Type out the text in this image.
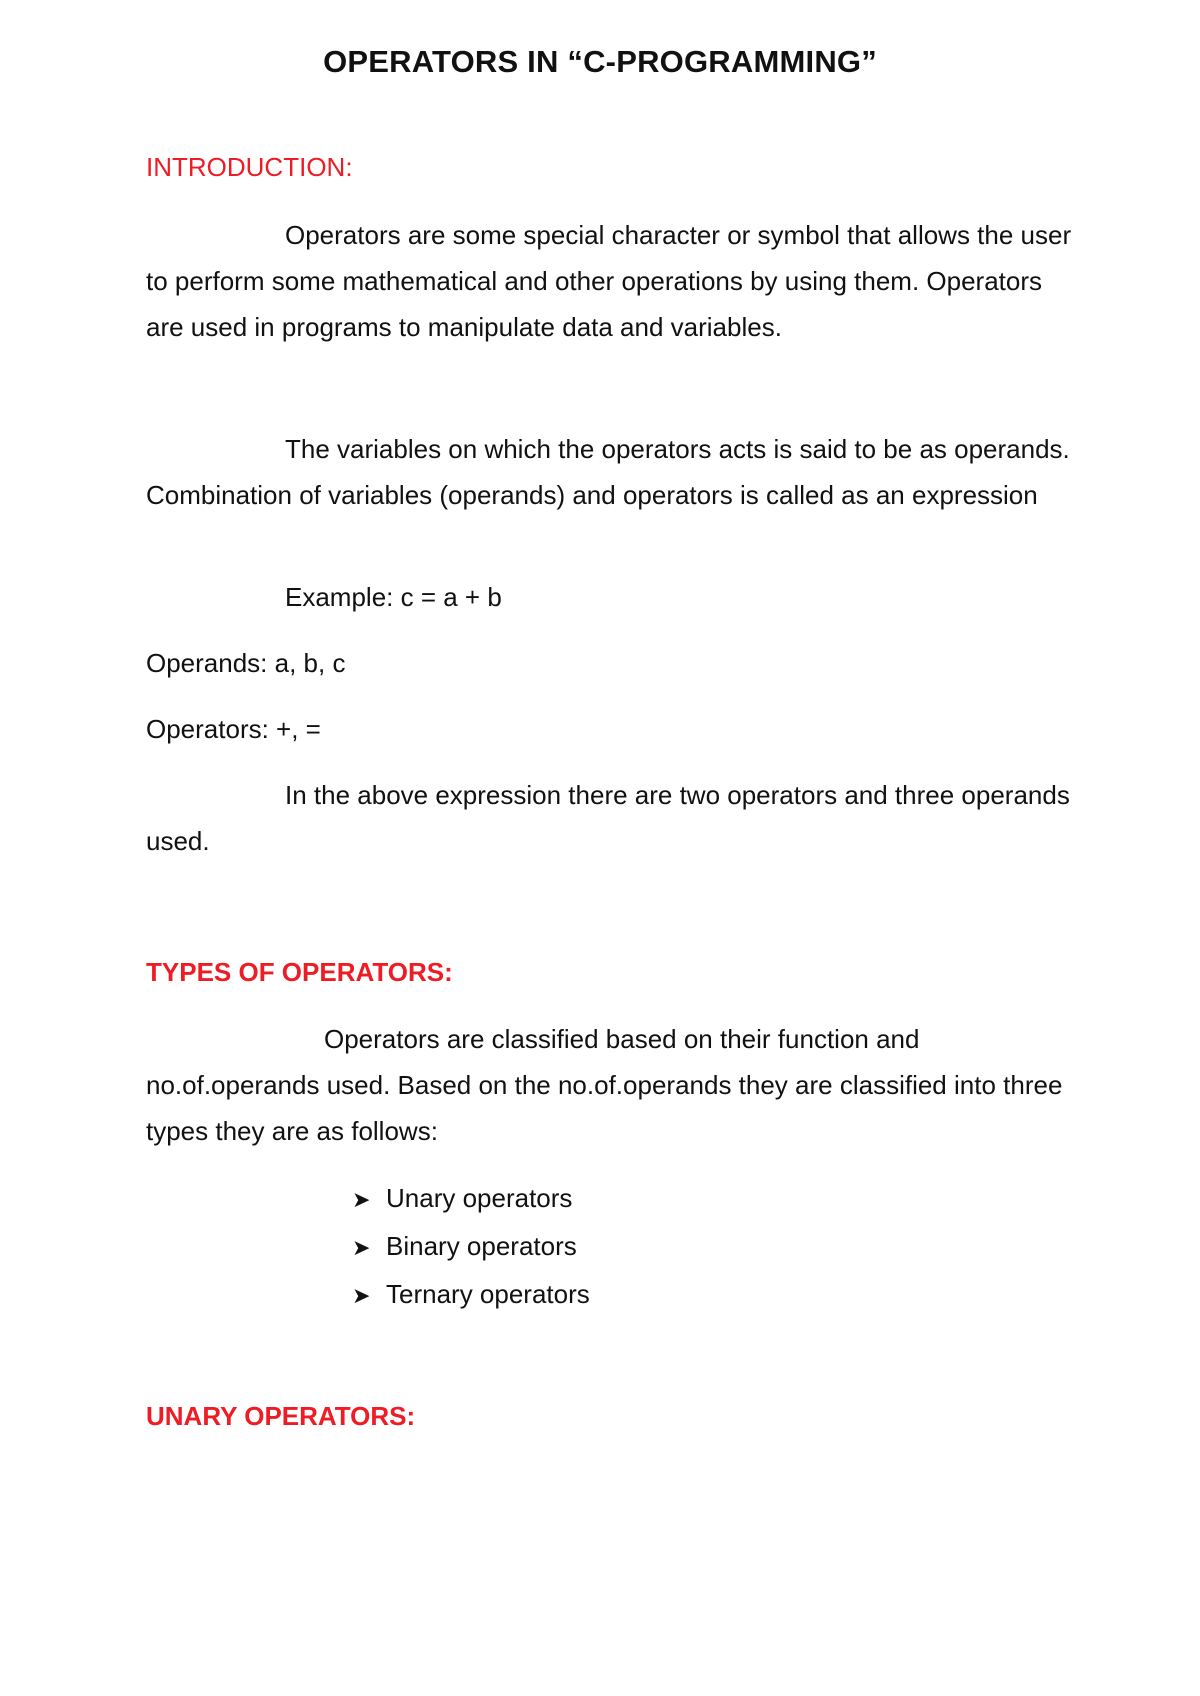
OPERATORS IN “C-PROGRAMMING”
INTRODUCTION:
Operators are some special character or symbol that allows the user to perform some mathematical and other operations by using them. Operators are used in programs to manipulate data and variables.
The variables on which the operators acts is said to be as operands. Combination of variables (operands) and operators is called as an expression
Example: c = a + b
Operands: a, b, c
Operators: +, =
In the above expression there are two operators and three operands used.
TYPES OF OPERATORS:
Operators are classified based on their function and no.of.operands used. Based on the no.of.operands they are classified into three types they are as follows:
➤ Unary operators
➤ Binary operators
➤ Ternary operators
UNARY OPERATORS:
